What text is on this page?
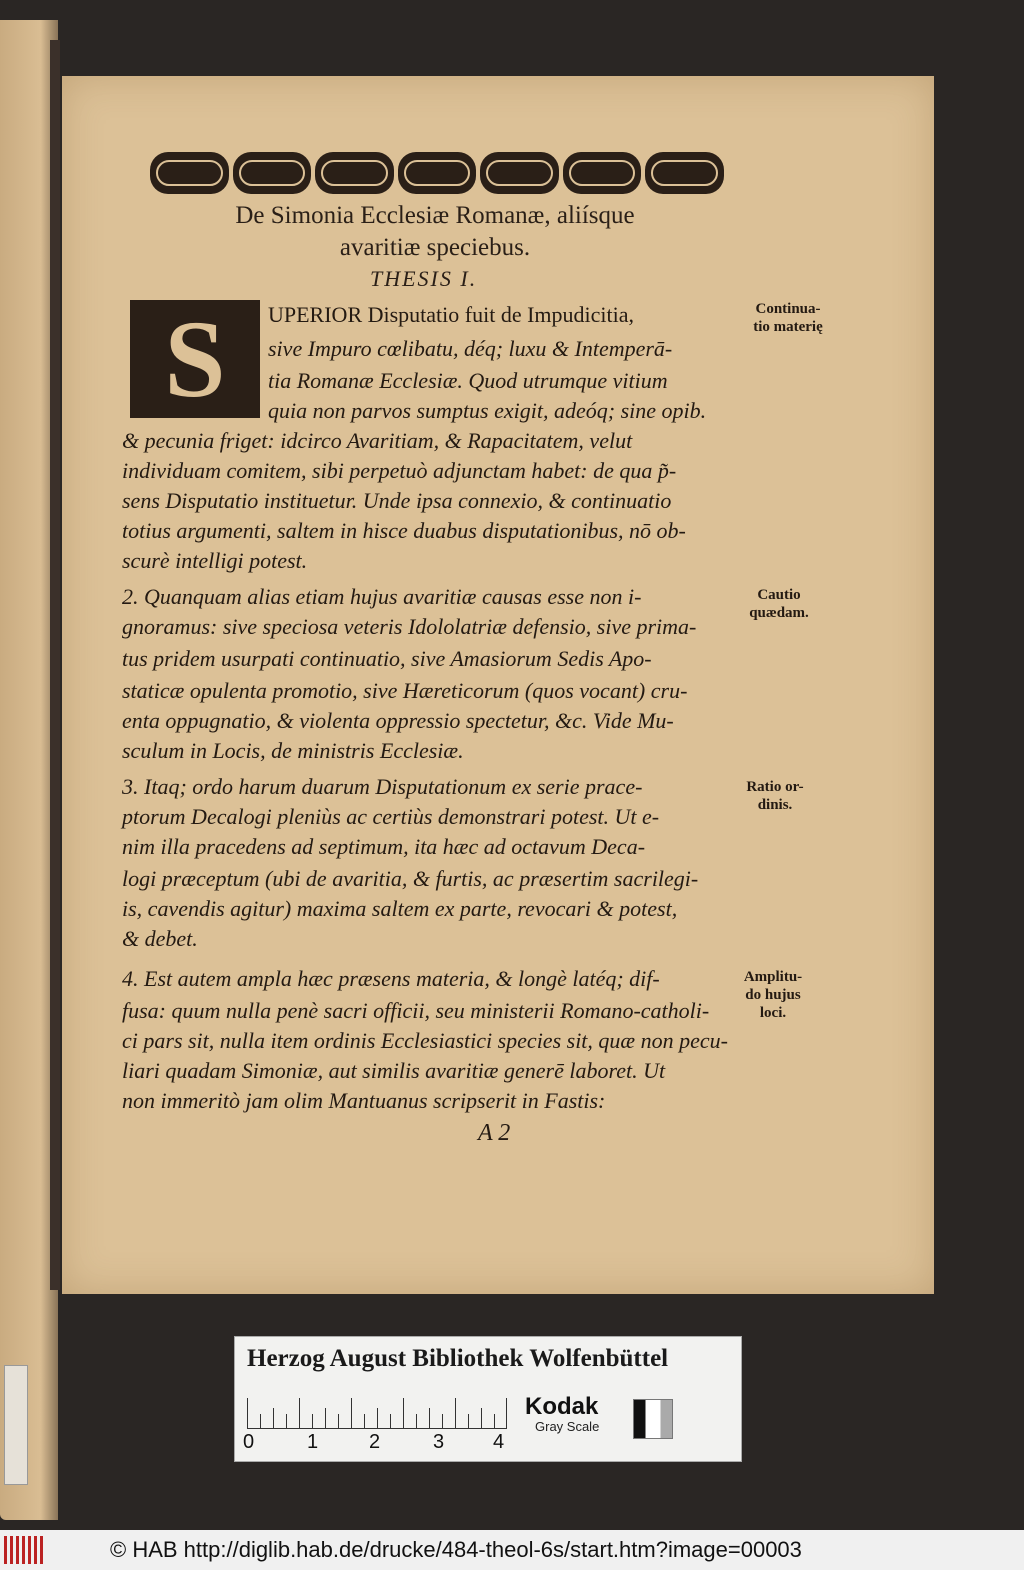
De Simonia Ecclesiæ Romanæ, aliísque
avaritiæ speciebus.
THESIS I.
S UPERIOR Disputatio fuit de Impudicitia,
sive Impuro cœlibatu, déq; luxu & Intemperā-
tia Romanæ Ecclesiæ. Quod utrumque vitium
quia non parvos sumptus exigit, adeóq; sine opib.
& pecunia friget: idcirco Avaritiam, & Rapacitatem, velut
individuam comitem, sibi perpetuò adjunctam habet: de qua p̃-
sens Disputatio instituetur. Unde ipsa connexio, & continuatio
totius argumenti, saltem in hisce duabus disputationibus, nō ob-
scurè intelligi potest.
2. Quanquam alias etiam hujus avaritiæ causas esse non i-
gnoramus: sive speciosa veteris Idololatriæ defensio, sive prima-
tus pridem usurpati continuatio, sive Amasiorum Sedis Apo-
staticæ opulenta promotio, sive Hæreticorum (quos vocant) cru-
enta oppugnatio, & violenta oppressio spectetur, &c. Vide Mu-
sculum in Locis, de ministris Ecclesiæ.
3. Itaq; ordo harum duarum Disputationum ex serie prace-
ptorum Decalogi pleniùs ac certiùs demonstrari potest. Ut e-
nim illa pracedens ad septimum, ita hæc ad octavum Deca-
logi præceptum (ubi de avaritia, & furtis, ac præsertim sacrilegi-
is, cavendis agitur) maxima saltem ex parte, revocari & potest,
& debet.
4. Est autem ampla hæc præsens materia, & longè latéq; dif-
fusa: quum nulla penè sacri officii, seu ministerii Romano-catholi-
ci pars sit, nulla item ordinis Ecclesiastici species sit, quæ non pecu-
liari quadam Simoniæ, aut similis avaritiæ generē laboret. Ut
non immeritò jam olim Mantuanus scripserit in Fastis:
Continua-
tio materię
Cautio
quædam.
Ratio or-
dinis.
Amplitu-
do hujus
loci.
A 2
Herzog August Bibliothek Wolfenbüttel
0	1	2	3 4
Kodak
Gray Scale
© HAB http://diglib.hab.de/drucke/484-theol-6s/start.htm?image=00003
